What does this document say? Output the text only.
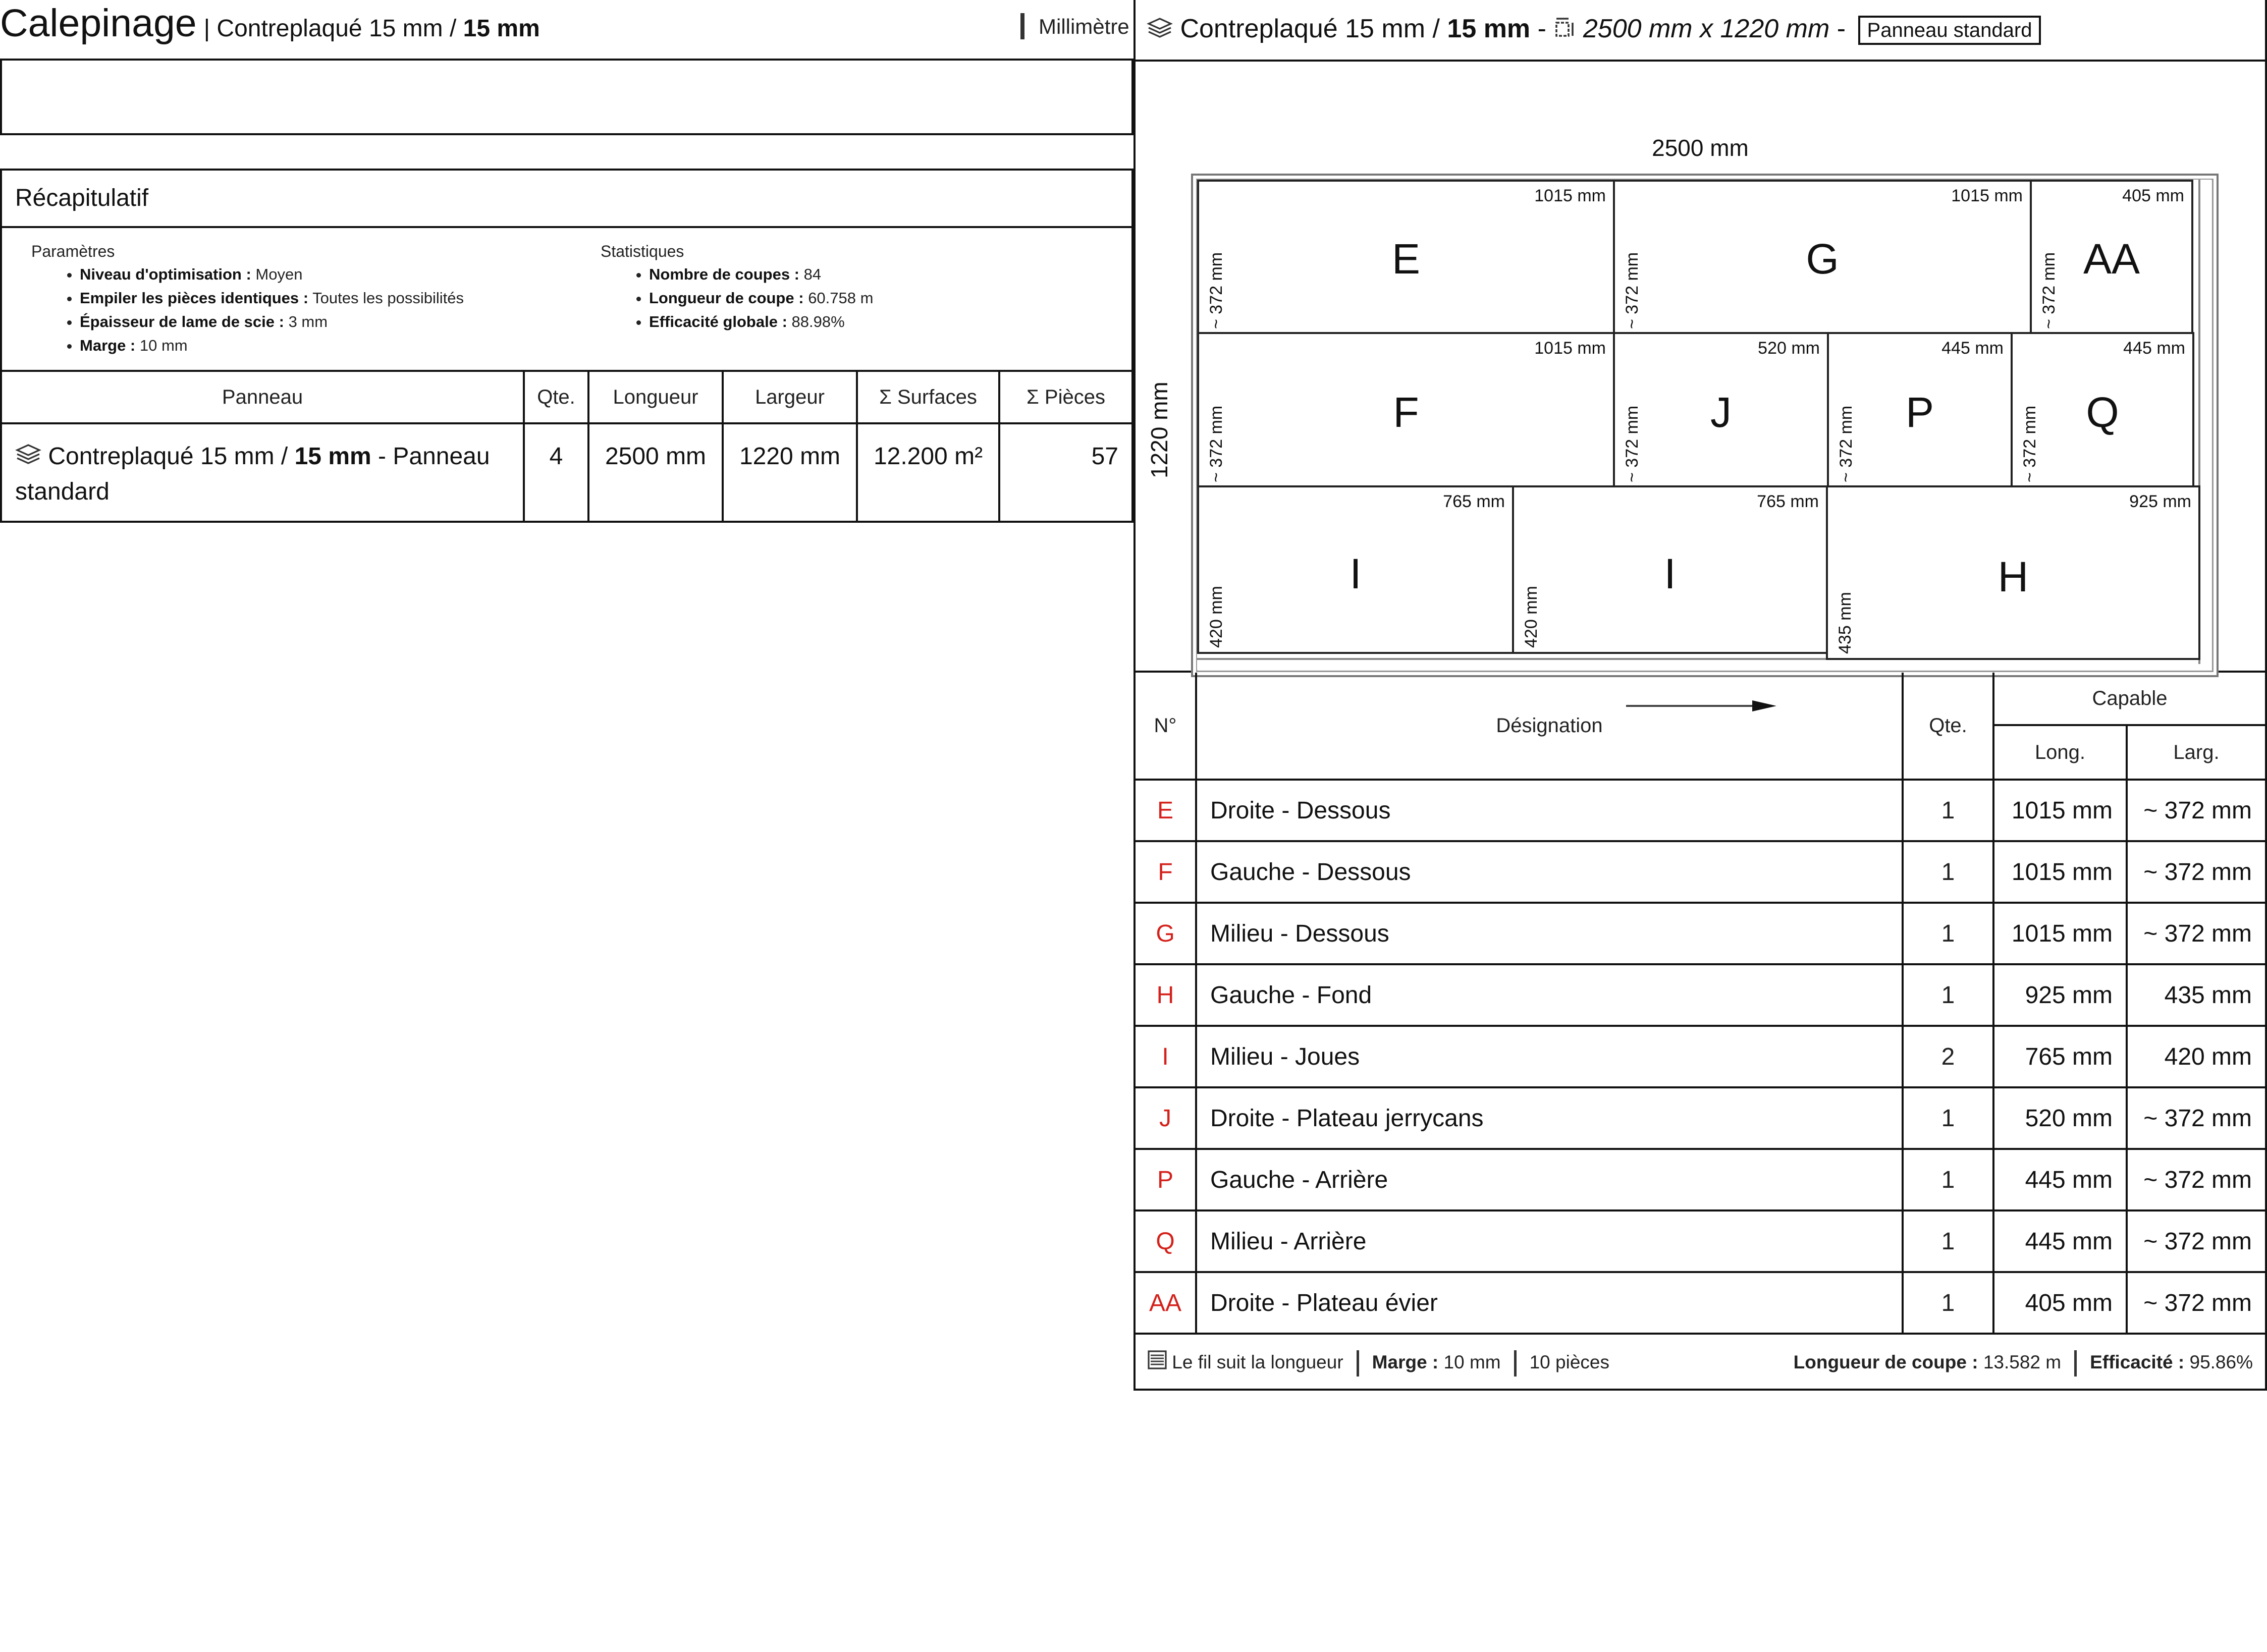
Calepinage | Contreplaqué 15 mm / 15 mm	Millimètre
Récapitulatif
Paramètres
• Niveau d'optimisation : Moyen
• Empiler les pièces identiques : Toutes les possibilités
• Épaisseur de lame de scie : 3 mm
• Marge : 10 mm
Statistiques
• Nombre de coupes : 84
• Longueur de coupe : 60.758 m
• Efficacité globale : 88.98%
Panneau	Qte.	Longueur	Largeur	Σ Surfaces	Σ Pièces
Contreplaqué 15 mm / 15 mm - Panneau standard	4	2500 mm	1220 mm	12.200 m²	57
Contreplaqué 15 mm / 15 mm - 2500 mm x 1220 mm - Panneau standard
2500 mm
1220 mm
1015 mm
E
~ 372 mm
1015 mm
G
~ 372 mm
405 mm
AA
~ 372 mm
1015 mm
F
~ 372 mm
520 mm
J
~ 372 mm
445 mm
P
~ 372 mm
445 mm
Q
~ 372 mm
765 mm
I
420 mm
765 mm
I
420 mm
925 mm
H
435 mm
N°	Désignation	Qte.	Capable	
			Long.	Larg.
E	Droite - Dessous	1	1015 mm	~ 372 mm
F	Gauche - Dessous	1	1015 mm	~ 372 mm
G	Milieu - Dessous	1	1015 mm	~ 372 mm
H	Gauche - Fond	1	925 mm	435 mm
I	Milieu - Joues	2	765 mm	420 mm
J	Droite - Plateau jerrycans	1	520 mm	~ 372 mm
P	Gauche - Arrière	1	445 mm	~ 372 mm
Q	Milieu - Arrière	1	445 mm	~ 372 mm
AA	Droite - Plateau évier	1	405 mm	~ 372 mm
Le fil suit la longueur Marge : 10 mm 10 pièces	Longueur de coupe : 13.582 m Efficacité : 95.86%
